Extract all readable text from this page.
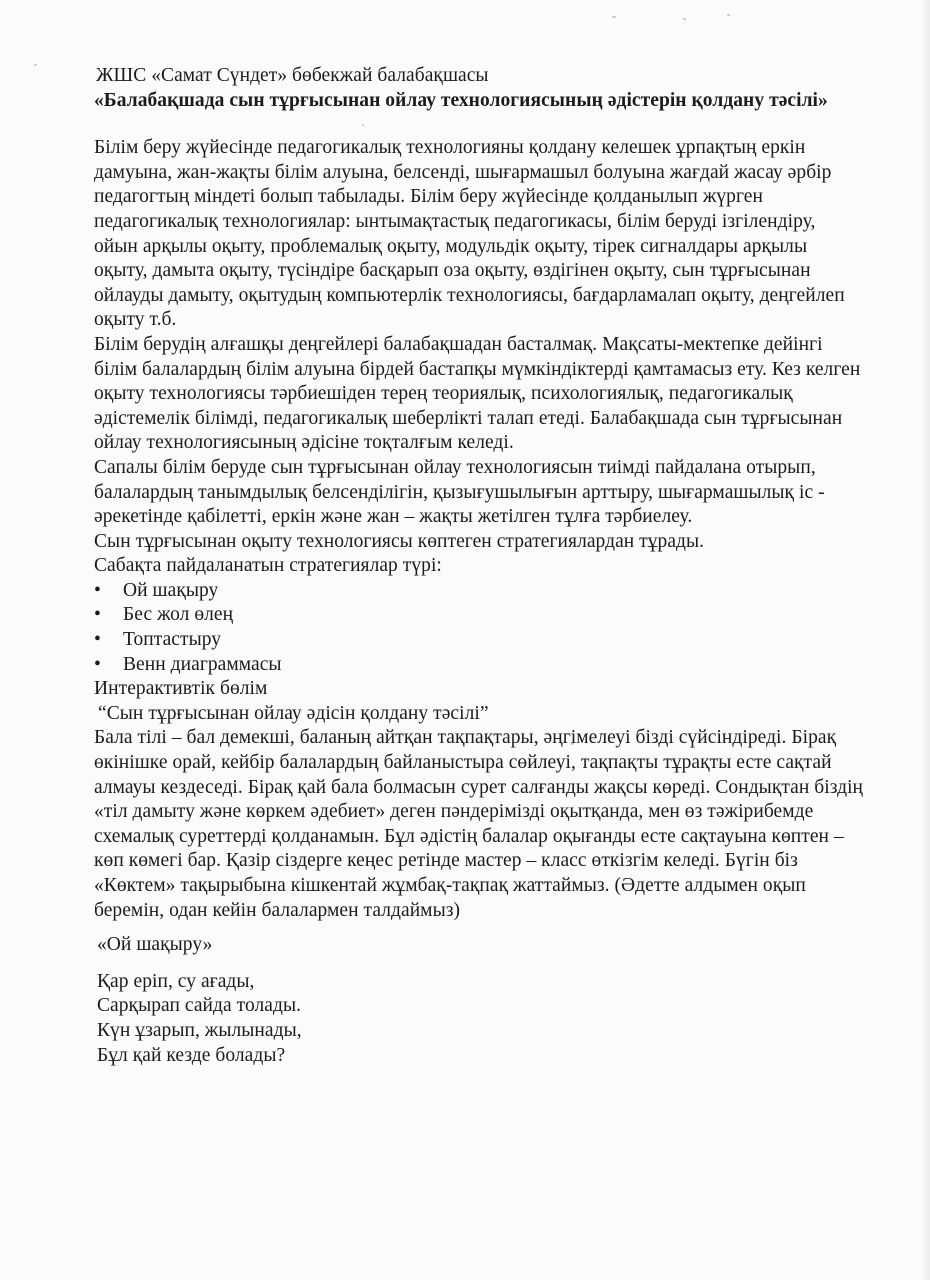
ЖШС «Самат Сүндет» бөбекжай балабақшасы

«Балабақшада сын тұрғысынан ойлау технологиясының әдістерін қолдану тәсілі»

Білім беру жүйесінде педагогикалық технологияны қолдану келешек ұрпақтың еркін дамуына, жан-жақты білім алуына, белсенді, шығармашыл болуына жағдай жасау әрбір педагогтың міндеті болып табылады. Білім беру жүйесінде қолданылып жүрген педагогикалық технологиялар: ынтымақтастық педагогикасы, білім беруді ізгілендіру, ойын арқылы оқыту, проблемалық оқыту, модульдік оқыту, тірек сигналдары арқылы оқыту, дамыта оқыту, түсіндіре басқарып оза оқыту, өздігінен оқыту, сын тұрғысынан ойлауды дамыту, оқытудың компьютерлік технологиясы, бағдарламалап оқыту, деңгейлеп оқыту т.б.

Білім берудің алғашқы деңгейлері балабақшадан басталмақ. Мақсаты-мектепке дейінгі білім балалардың білім алуына бірдей бастапқы мүмкіндіктерді қамтамасыз ету. Кез келген оқыту технологиясы тәрбиешіден терең теориялық, психологиялық, педагогикалық әдістемелік білімді, педагогикалық шеберлікті талап етеді. Балабақшада сын тұрғысынан ойлау технологиясының әдісіне тоқталғым келеді.

Сапалы білім беруде сын тұрғысынан ойлау технологиясын тиімді пайдалана отырып, балалардың танымдылық белсенділігін, қызығушылығын арттыру, шығармашылық іс - әрекетінде қабілетті, еркін және жан – жақты жетілген тұлға тәрбиелеу.

Сын тұрғысынан оқыту технологиясы көптеген стратегиялардан тұрады.

Сабақта пайдаланатын стратегиялар түрі:

• Ой шақыру
• Бес жол өлең
• Топтастыру
• Венн диаграммасы

Интерактивтік бөлім

“Сын тұрғысынан ойлау әдісін қолдану тәсілі”

Бала тілі – бал демекші, баланың айтқан тақпақтары, әңгімелеуі бізді сүйсіндіреді. Бірақ өкінішке орай, кейбір балалардың байланыстыра сөйлеуі, тақпақты тұрақты есте сақтай алмауы кездеседі. Бірақ қай бала болмасын сурет салғанды жақсы көреді. Сондықтан біздің «тіл дамыту және көркем әдебиет» деген пәндерімізді оқытқанда, мен өз тәжірибемде схемалық суреттерді қолданамын. Бұл әдістің балалар оқығанды есте сақтауына көптен – көп көмегі бар. Қазір сіздерге кеңес ретінде мастер – класс өткізгім келеді. Бүгін біз «Көктем» тақырыбына кішкентай жұмбақ-тақпақ жаттаймыз. (Әдетте алдымен оқып беремін, одан кейін балалармен талдаймыз)

«Ой шақыру»

Қар еріп, су ағады,
Сарқырап сайда толады.
Күн ұзарып, жылынады,
Бұл қай кезде болады?
